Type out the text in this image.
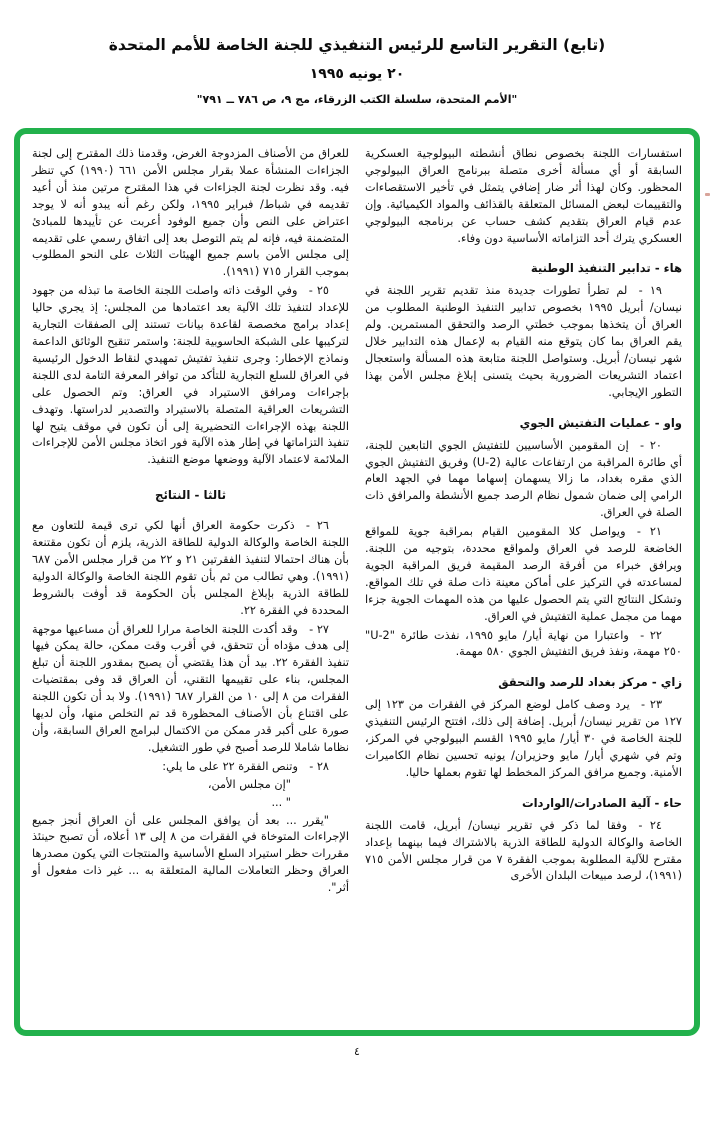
(تابع) التقرير التاسع للرئيس التنفيذي للجنة الخاصة للأمم المتحدة

٢٠ يونيه ١٩٩٥

"الأمم المتحدة، سلسلة الكتب الزرقاء، مج ٩، ص ٧٨٦ ــ ٧٩١"

استفسارات اللجنة بخصوص نطاق أنشطته البيولوجية العسكرية السابقة أو أي مسألة أخرى متصلة ببرنامج العراق البيولوجي المحظور. وكان لهذا أثر ضار إضافي يتمثل في تأخير الاستقصاءات والتقييمات لبعض المسائل المتعلقة بالقذائف والمواد الكيميائية. وإن عدم قيام العراق بتقديم كشف حساب عن برنامجه البيولوجي العسكري يترك أحد التزاماته الأساسية دون وفاء.

هاء - تدابير التنفيذ الوطنية

١٩ - لم تطرأ تطورات جديدة منذ تقديم تقرير اللجنة في نيسان/ أبريل ١٩٩٥ بخصوص تدابير التنفيذ الوطنية المطلوب من العراق أن يتخذها بموجب خطتي الرصد والتحقق المستمرين. ولم يقم العراق بما كان يتوقع منه القيام به لإعمال هذه التدابير خلال شهر نيسان/ أبريل. وستواصل اللجنة متابعة هذه المسألة واستعجال اعتماد التشريعات الضرورية بحيث يتسنى إبلاغ مجلس الأمن بهذا التطور الإيجابي.

واو - عمليات التفتيش الجوي

٢٠ - إن المقومين الأساسيين للتفتيش الجوي التابعين للجنة، أي طائرة المراقبة من ارتفاعات عالية (U-2) وفريق التفتيش الجوي الذي مقره بغداد، ما زالا يسهمان إسهاما مهما في الجهد العام الرامي إلى ضمان شمول نظام الرصد جميع الأنشطة والمرافق ذات الصلة في العراق.

٢١ - ويواصل كلا المقومين القيام بمراقبة جوية للمواقع الخاضعة للرصد في العراق ولمواقع محددة، بتوجيه من اللجنة. ويرافق خبراء من أفرقة الرصد المقيمة فريق المراقبة الجوية لمساعدته في التركيز على أماكن معينة ذات صلة في تلك المواقع. وتشكل النتائج التي يتم الحصول عليها من هذه المهمات الجوية جزءا مهما من مجمل عملية التفتيش في العراق.

٢٢ - واعتبارا من نهاية أيار/ مايو ١٩٩٥، نفذت طائرة "U-2" ٢٥٠ مهمة، ونفذ فريق التفتيش الجوي ٥٨٠ مهمة.

زاي - مركز بغداد للرصد والتحقق

٢٣ - يرد وصف كامل لوضع المركز في الفقرات من ١٢٣ إلى ١٢٧ من تقرير نيسان/ أبريل. إضافة إلى ذلك، افتتح الرئيس التنفيذي للجنة الخاصة في ٣٠ أيار/ مايو ١٩٩٥ القسم البيولوجي في المركز، وتم في شهري أيار/ مايو وحزيران/ يونيه تحسين نظام الكاميرات الأمنية. وجميع مرافق المركز المخطط لها تقوم بعملها حاليا.

حاء - آلية الصادرات/الواردات

٢٤ - وفقا لما ذكر في تقرير نيسان/ أبريل، قامت اللجنة الخاصة والوكالة الدولية للطاقة الذرية بالاشتراك فيما بينهما بإعداد مقترح للآلية المطلوبة بموجب الفقرة ٧ من قرار مجلس الأمن ٧١٥ (١٩٩١)، لرصد مبيعات البلدان الأخرى

للعراق من الأصناف المزدوجة الغرض، وقدمنا ذلك المقترح إلى لجنة الجزاءات المنشأة عملا بقرار مجلس الأمن ٦٦١ (١٩٩٠) كي تنظر فيه. وقد نظرت لجنة الجزاءات في هذا المقترح مرتين منذ أن أعيد تقديمه في شباط/ فبراير ١٩٩٥، ولكن رغم أنه يبدو أنه لا يوجد اعتراض على النص وأن جميع الوفود أعربت عن تأييدها للمبادئ المتضمنة فيه، فإنه لم يتم التوصل بعد إلى اتفاق رسمي على تقديمه إلى مجلس الأمن باسم جميع الهيئات الثلاث على النحو المطلوب بموجب القرار ٧١٥ (١٩٩١).

٢٥ - وفي الوقت ذاته واصلت اللجنة الخاصة ما تبذله من جهود للإعداد لتنفيذ تلك الآلية بعد اعتمادها من المجلس: إذ يجري حاليا إعداد برامج مخصصة لقاعدة بيانات تستند إلى الصفقات التجارية لتركيبها على الشبكة الحاسوبية للجنة: واستمر تنقيح الوثائق الداعمة ونماذج الإخطار: وجرى تنفيذ تفتيش تمهيدي لنقاط الدخول الرئيسية في العراق للسلع التجارية للتأكد من توافر المعرفة التامة لدى اللجنة بإجراءات ومرافق الاستيراد في العراق: وتم الحصول على التشريعات العراقية المتصلة بالاستيراد والتصدير لدراستها. وتهدف اللجنة بهذه الإجراءات التحضيرية إلى أن تكون في موقف يتيح لها تنفيذ التزاماتها في إطار هذه الآلية فور اتخاذ مجلس الأمن للإجراءات الملائمة لاعتماد الآلية ووضعها موضع التنفيذ.

ثالثا - النتائج

٢٦ - ذكرت حكومة العراق أنها لكي ترى قيمة للتعاون مع اللجنة الخاصة والوكالة الدولية للطاقة الذرية، يلزم أن تكون مقتنعة بأن هناك احتمالا لتنفيذ الفقرتين ٢١ و ٢٢ من قرار مجلس الأمن ٦٨٧ (١٩٩١). وهي تطالب من ثم بأن تقوم اللجنة الخاصة والوكالة الدولية للطاقة الذرية بإبلاغ المجلس بأن الحكومة قد أوفت بالشروط المحددة في الفقرة ٢٢.

٢٧ - وقد أكدت اللجنة الخاصة مرارا للعراق أن مساعيها موجهة إلى هدف مؤداه أن تتحقق، في أقرب وقت ممكن، حالة يمكن فيها تنفيذ الفقرة ٢٢. بيد أن هذا يقتضي أن يصبح بمقدور اللجنة أن تبلغ المجلس، بناء على تقييمها التقني، أن العراق قد وفى بمقتضيات الفقرات من ٨ إلى ١٠ من القرار ٦٨٧ (١٩٩١). ولا بد أن تكون اللجنة على اقتناع بأن الأصناف المحظورة قد تم التخلص منها، وأن لديها صورة على أكبر قدر ممكن من الاكتمال لبرامج العراق السابقة، وأن نظاما شاملا للرصد أصبح في طور التشغيل.

٢٨ - وتنص الفقرة ٢٢ على ما يلي:

"إن مجلس الأمن،

" ...

"يقرر ... بعد أن يوافق المجلس على أن العراق أنجز جميع الإجراءات المتوخاة في الفقرات من ٨ إلى ١٣ أعلاه، أن تصبح حينئذ مقررات حظر استيراد السلع الأساسية والمنتجات التي يكون مصدرها العراق وحظر التعاملات المالية المتعلقة به ... غير ذات مفعول أو أثر".

٤
